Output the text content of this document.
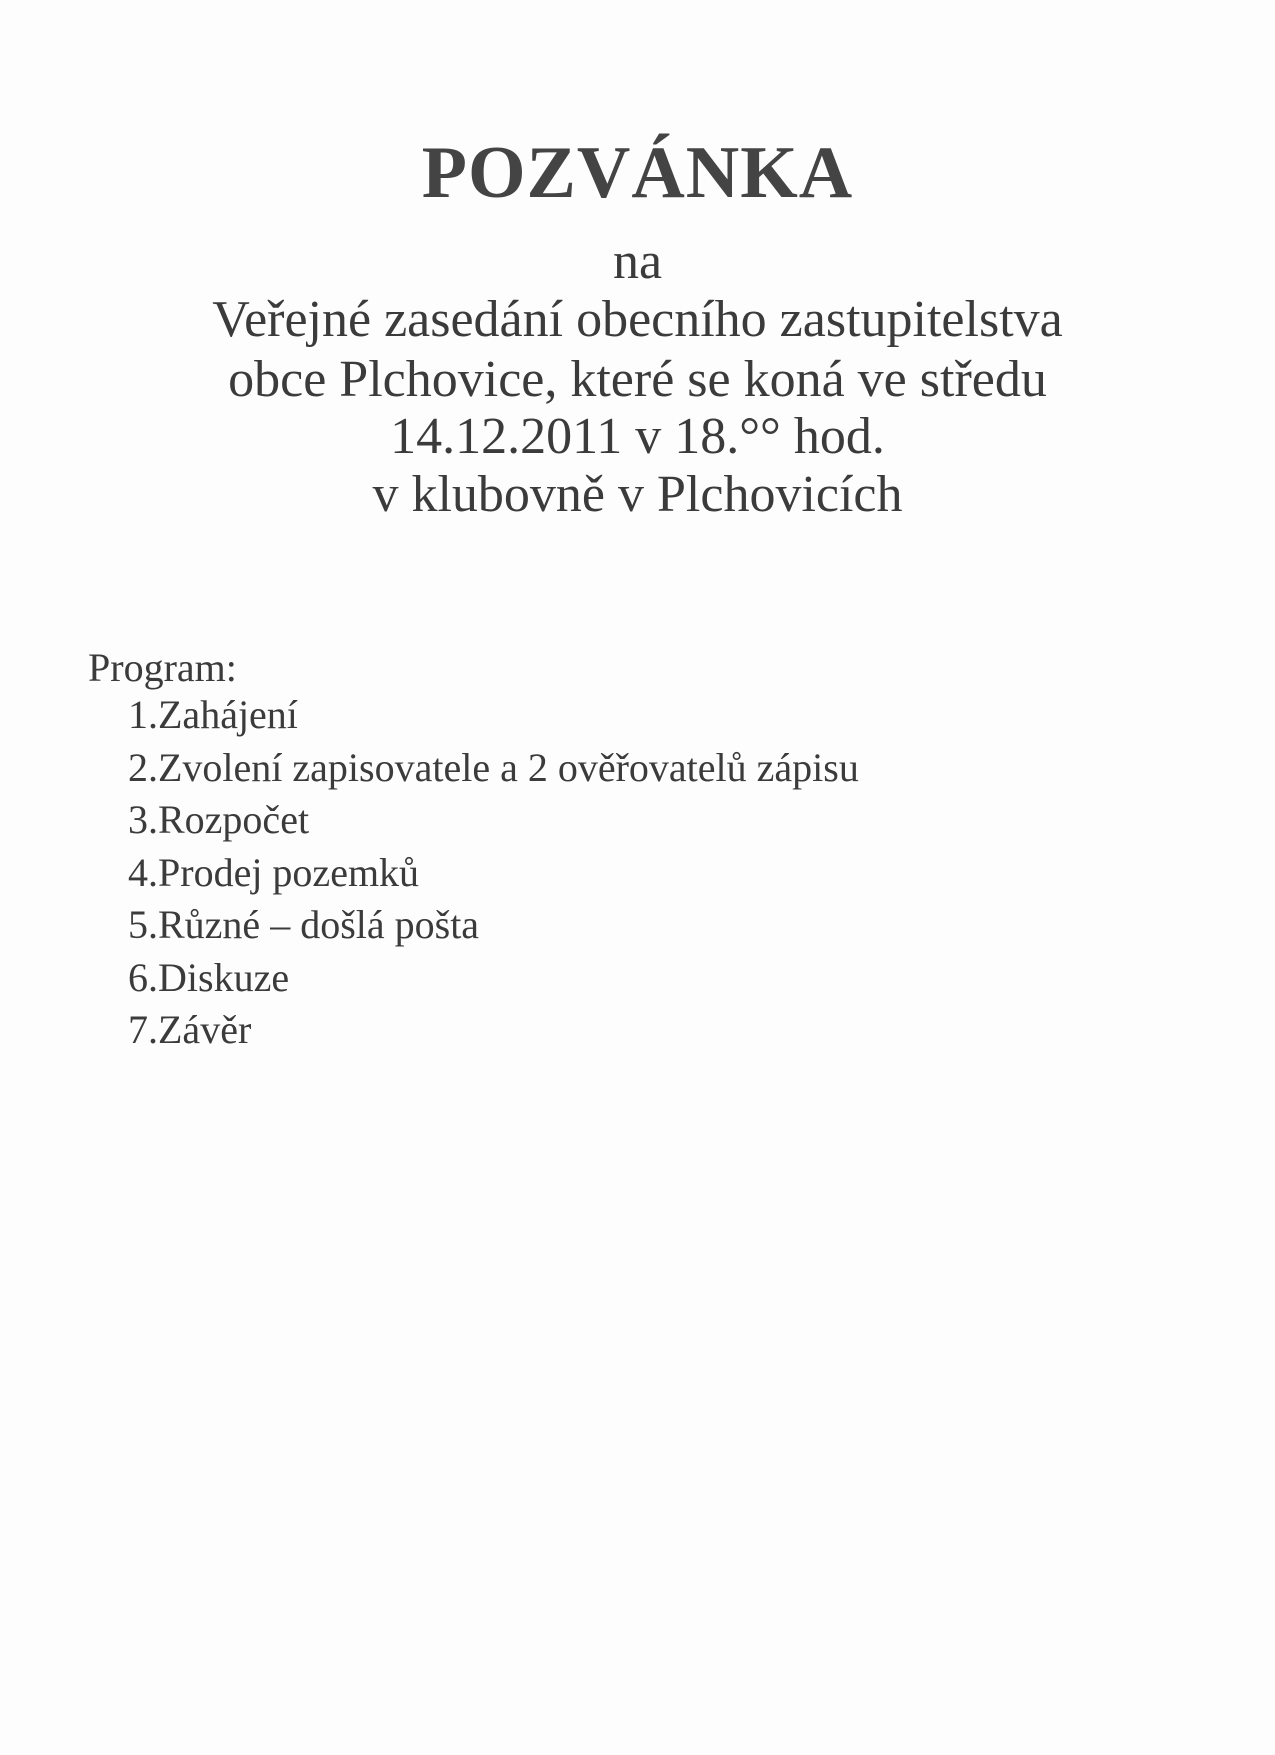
POZVÁNKA
na
Veřejné zasedání obecního zastupitelstva
obce Plchovice, které se koná ve středu
14.12.2011 v 18.°° hod.
v klubovně v Plchovicích
Program:
1.Zahájení
2.Zvolení zapisovatele a 2 ověřovatelů zápisu
3.Rozpočet
4.Prodej pozemků
5.Různé – došlá pošta
6.Diskuze
7.Závěr
